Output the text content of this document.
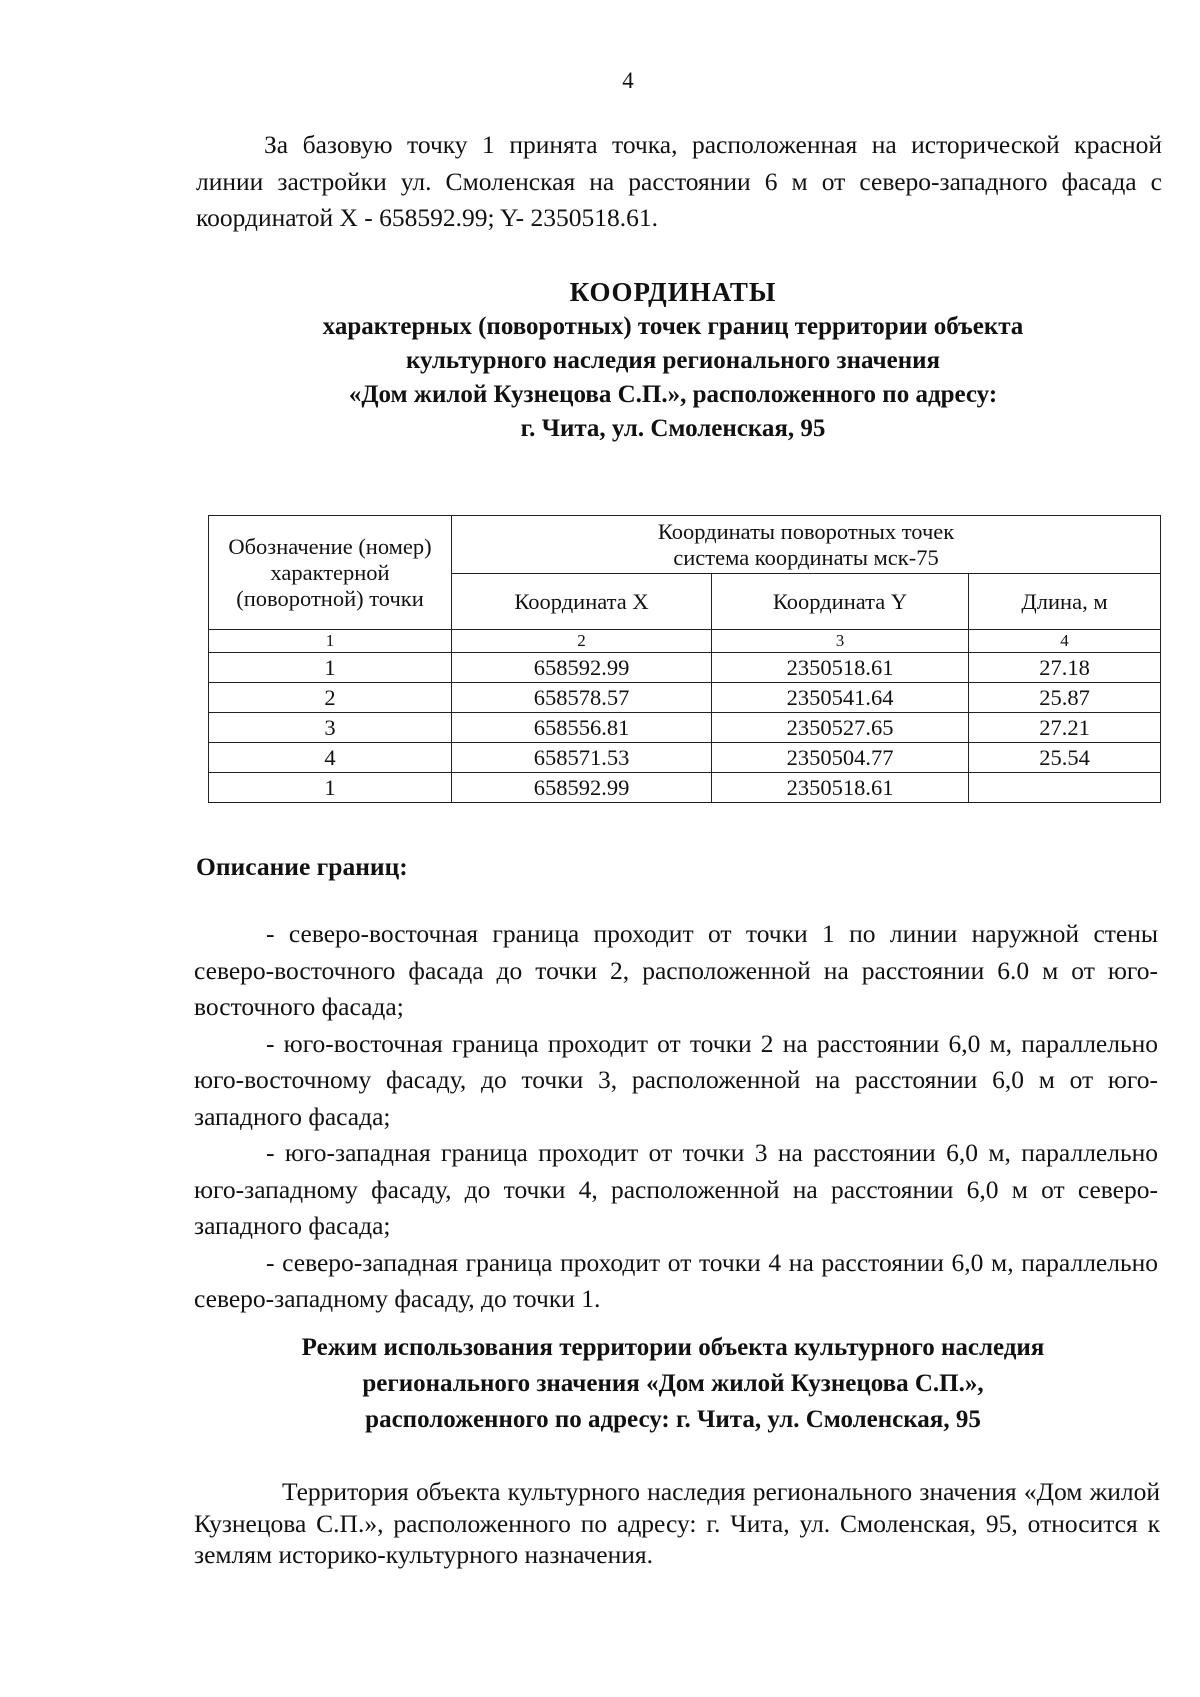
4

За базовую точку 1 принята точка, расположенная на исторической красной линии застройки ул. Смоленская на расстоянии 6 м от северо-западного фасада с координатой X - 658592.99; Y- 2350518.61.

КООРДИНАТЫ
характерных (поворотных) точек границ территории объекта
культурного наследия регионального значения
«Дом жилой Кузнецова С.П.», расположенного по адресу:
г. Чита, ул. Смоленская, 95
Обозначение (номер) характерной (поворотной) точки	Координаты поворотных точек
система координаты мск-75		

	Координата X	Координата Y	Длина, м
1	2	3	4
1	658592.99	2350518.61	27.18
2	658578.57	2350541.64	25.87
3	658556.81	2350527.65	27.21
4	658571.53	2350504.77	25.54
1	658592.99	2350518.61	

Описание границ:

- северо-восточная граница проходит от точки 1 по линии наружной стены северо-восточного фасада до точки 2, расположенной на расстоянии 6.0 м от юго-восточного фасада;

- юго-восточная граница проходит от точки 2 на расстоянии 6,0 м, параллельно юго-восточному фасаду, до точки 3, расположенной на расстоянии 6,0 м от юго-западного фасада;

- юго-западная граница проходит от точки 3 на расстоянии 6,0 м, параллельно юго-западному фасаду, до точки 4, расположенной на расстоянии 6,0 м от северо-западного фасада;

- северо-западная граница проходит от точки 4 на расстоянии 6,0 м, параллельно северо-западному фасаду, до точки 1.

Режим использования территории объекта культурного наследия
регионального значения «Дом жилой Кузнецова С.П.»,
расположенного по адресу: г. Чита, ул. Смоленская, 95

Территория объекта культурного наследия регионального значения «Дом жилой Кузнецова С.П.», расположенного по адресу: г. Чита, ул. Смоленская, 95, относится к землям историко-культурного назначения.
